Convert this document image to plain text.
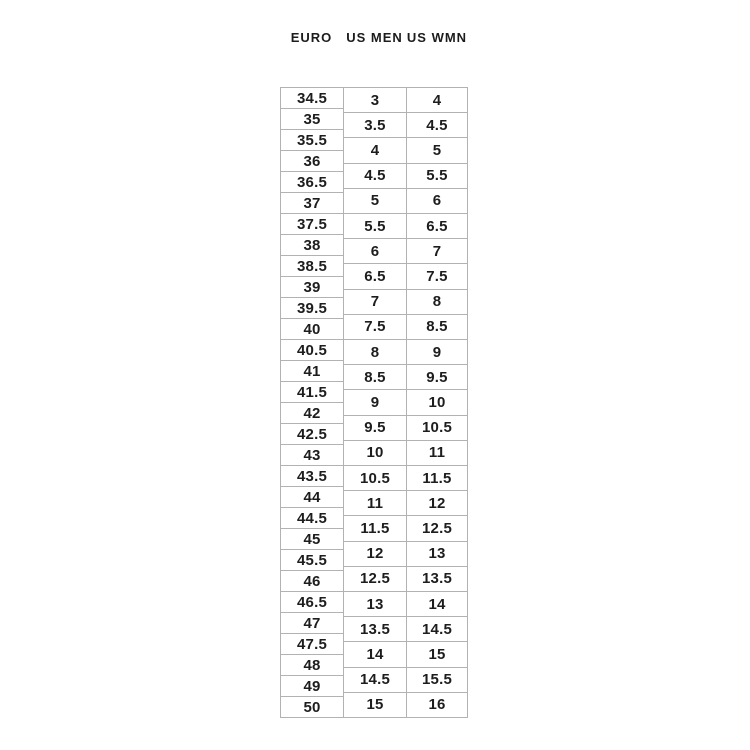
EURO	US MEN US WMN
34.5
35
35.5
36
36.5
37
37.5
38
38.5
39
39.5
40
40.5
41
41.5
42
42.5
43
43.5
44
44.5
45
45.5
46
46.5
47
47.5
48
49
50
3
3.5
4
4.5
5
5.5
6
6.5
7
7.5
8
8.5
9
9.5
10
10.5
11
11.5
12
12.5
13
13.5
14
14.5
15
4
4.5
5
5.5
6
6.5
7
7.5
8
8.5
9
9.5
10
10.5
11
11.5
12
12.5
13
13.5
14
14.5
15
15.5
16
